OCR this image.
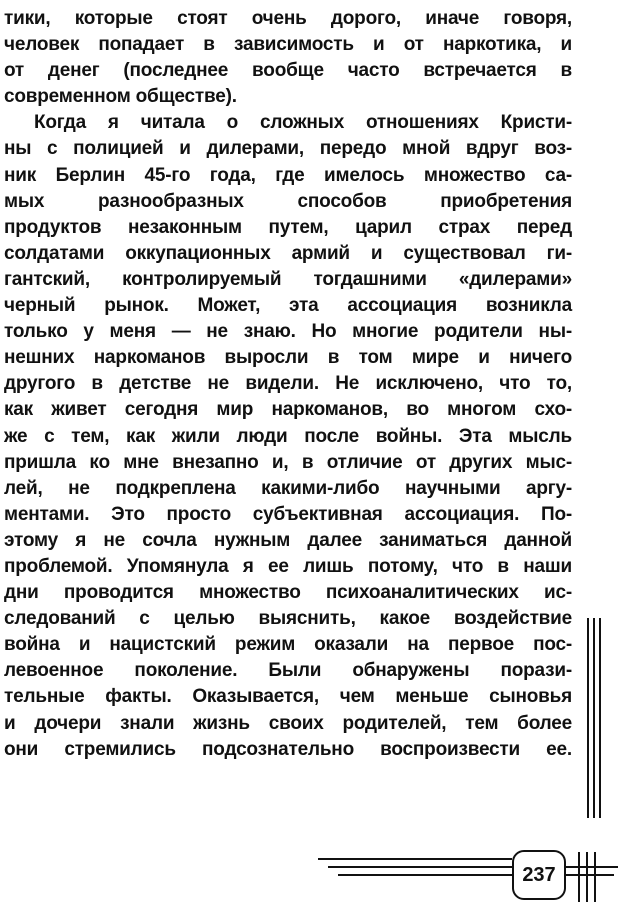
тики, которые стоят очень дорого, иначе говоря,
человек попадает в зависимость и от наркотика, и
от денег (последнее вообще часто встречается в
современном обществе).
Когда я читала о сложных отношениях Кристи-
ны с полицией и дилерами, передо мной вдруг воз-
ник Берлин 45-го года, где имелось множество са-
мых разнообразных способов приобретения
продуктов незаконным путем, царил страх перед
солдатами оккупационных армий и существовал ги-
гантский, контролируемый тогдашними «дилерами»
черный рынок. Может, эта ассоциация возникла
только у меня — не знаю. Но многие родители ны-
нешних наркоманов выросли в том мире и ничего
другого в детстве не видели. Не исключено, что то,
как живет сегодня мир наркоманов, во многом схо-
же с тем, как жили люди после войны. Эта мысль
пришла ко мне внезапно и, в отличие от других мыс-
лей, не подкреплена какими-либо научными аргу-
ментами. Это просто субъективная ассоциация. По-
этому я не сочла нужным далее заниматься данной
проблемой. Упомянула я ее лишь потому, что в наши
дни проводится множество психоаналитических ис-
следований с целью выяснить, какое воздействие
война и нацистский режим оказали на первое пос-
левоенное поколение. Были обнаружены порази-
тельные факты. Оказывается, чем меньше сыновья
и дочери знали жизнь своих родителей, тем более
они стремились подсознательно воспроизвести ее.
237
